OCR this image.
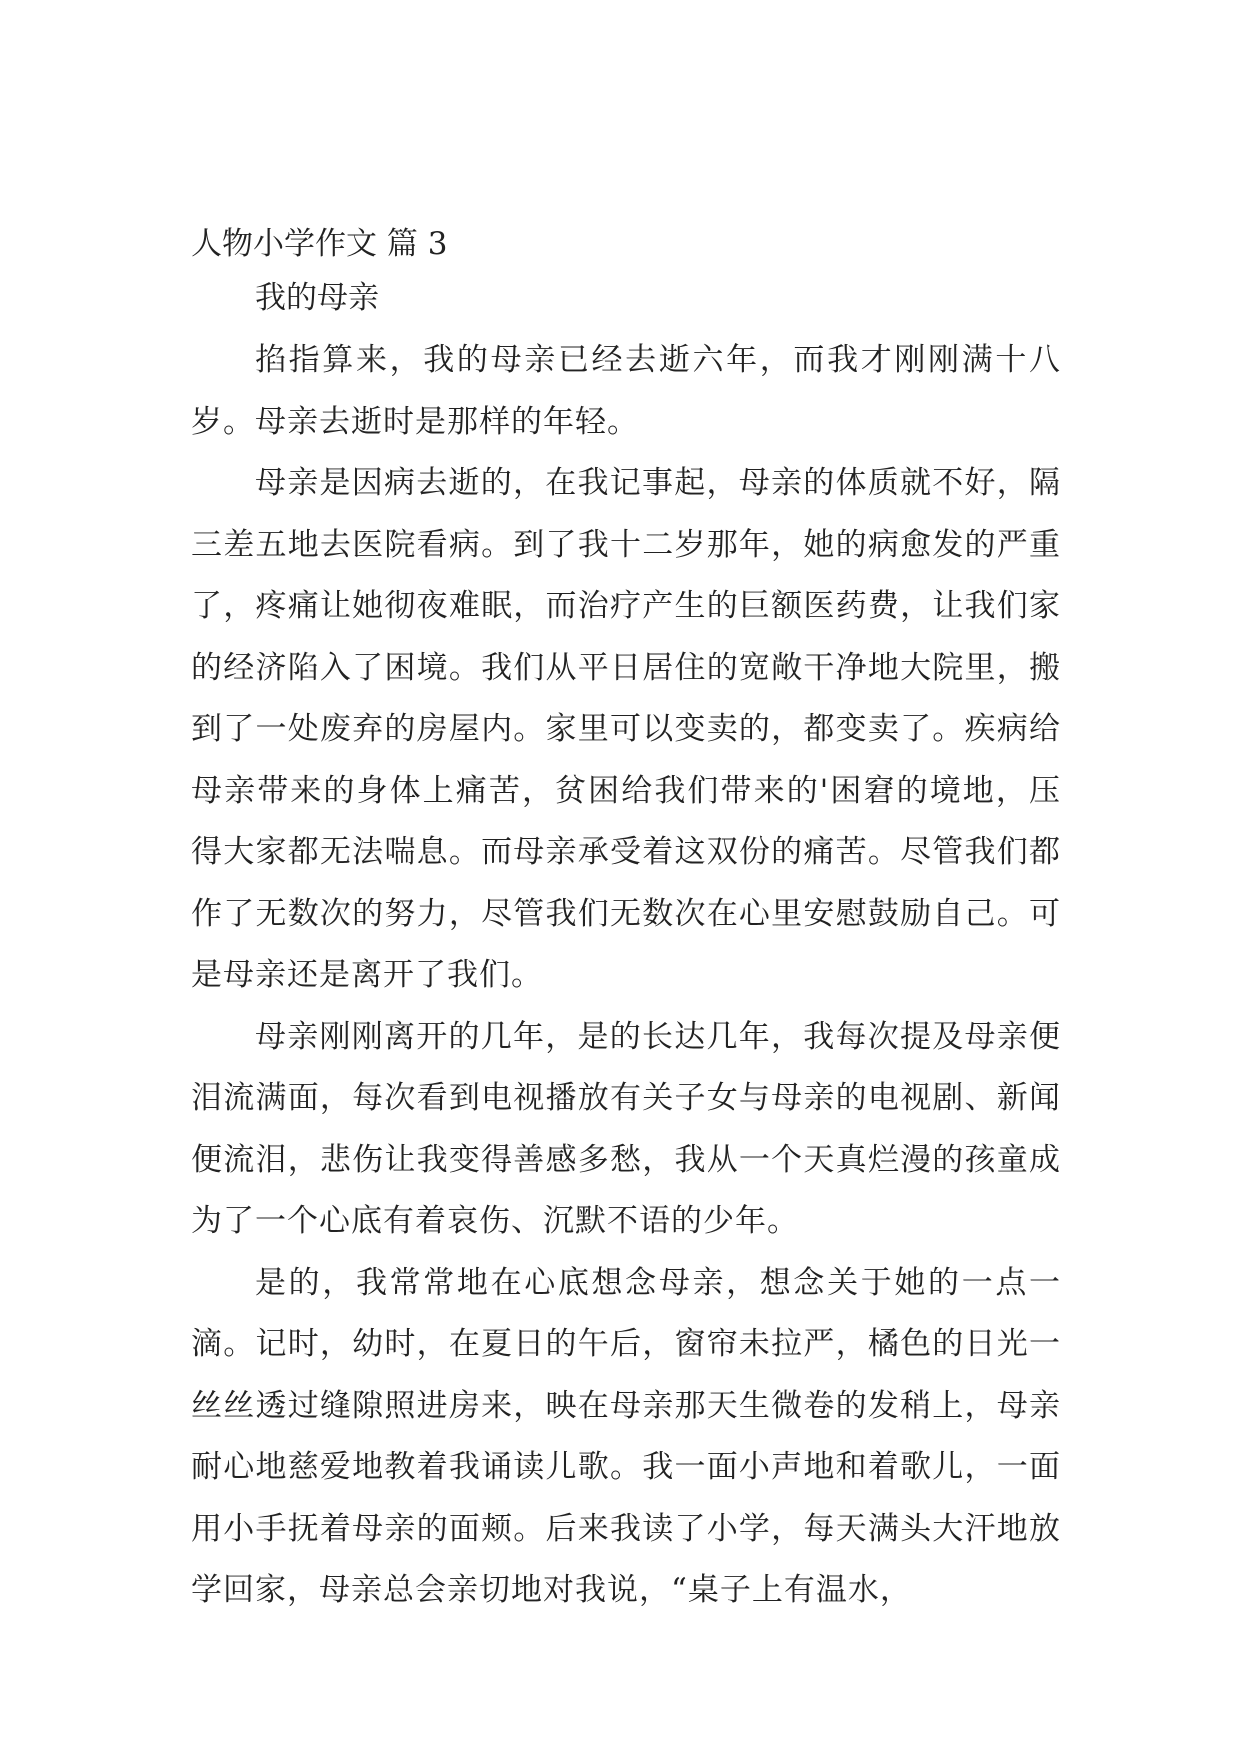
人物小学作文 篇 3

我的母亲

掐指算来，我的母亲已经去逝六年，而我才刚刚满十八岁。母亲去逝时是那样的年轻。

母亲是因病去逝的，在我记事起，母亲的体质就不好，隔三差五地去医院看病。到了我十二岁那年，她的病愈发的严重了，疼痛让她彻夜难眠，而治疗产生的巨额医药费，让我们家的经济陷入了困境。我们从平日居住的宽敞干净地大院里，搬到了一处废弃的房屋内。家里可以变卖的，都变卖了。疾病给母亲带来的身体上痛苦，贫困给我们带来的'困窘的境地，压得大家都无法喘息。而母亲承受着这双份的痛苦。尽管我们都作了无数次的努力，尽管我们无数次在心里安慰鼓励自己。可是母亲还是离开了我们。

母亲刚刚离开的几年，是的长达几年，我每次提及母亲便泪流满面，每次看到电视播放有关子女与母亲的电视剧、新闻便流泪，悲伤让我变得善感多愁，我从一个天真烂漫的孩童成为了一个心底有着哀伤、沉默不语的少年。

是的，我常常地在心底想念母亲，想念关于她的一点一滴。记时，幼时，在夏日的午后，窗帘未拉严，橘色的日光一丝丝透过缝隙照进房来，映在母亲那天生微卷的发稍上，母亲耐心地慈爱地教着我诵读儿歌。我一面小声地和着歌儿，一面用小手抚着母亲的面颊。后来我读了小学，每天满头大汗地放学回家，母亲总会亲切地对我说，“桌子上有温水，
